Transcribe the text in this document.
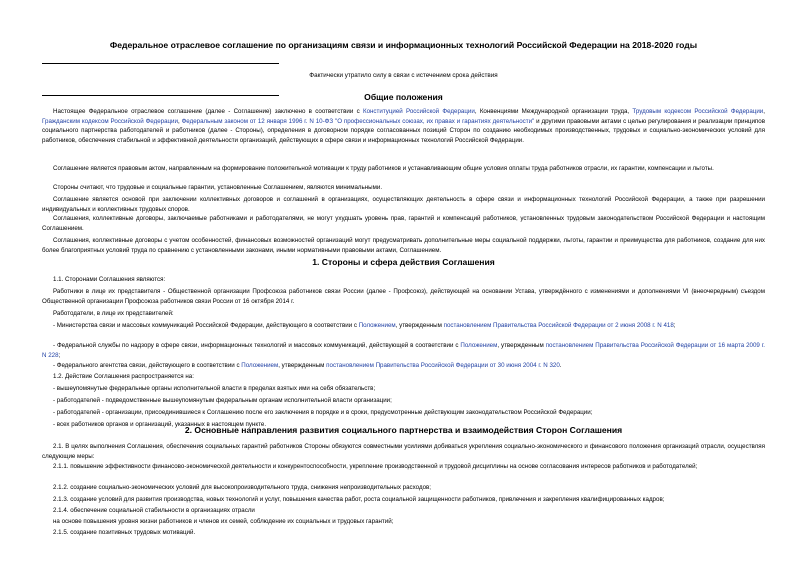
Федеральное отраслевое соглашение по организациям связи и информационных технологий Российской Федерации на 2018-2020 годы
Фактически утратило силу в связи с истечением срока действия
Общие положения
Настоящее Федеральное отраслевое соглашение (далее - Соглашение) заключено в соответствии с Конституцией Российской Федерации, Конвенциями Международной организации труда, Трудовым кодексом Российской Федерации, Гражданским кодексом Российской Федерации, Федеральным законом от 12 января 1996 г. N 10-ФЗ "О профессиональных союзах, их правах и гарантиях деятельности" и другими правовыми актами с целью регулирования и реализации принципов социального партнерства работодателей и работников (далее - Стороны), определения в договорном порядке согласованных позиций Сторон по созданию необходимых производственных, трудовых и социально-экономических условий для работников, обеспечения стабильной и эффективной деятельности организаций, действующих в сфере связи и информационных технологий Российской Федерации.
Соглашение является правовым актом, направленным на формирование положительной мотивации к труду работников и устанавливающим общие условия оплаты труда работников отрасли, их гарантии, компенсации и льготы.
Стороны считают, что трудовые и социальные гарантии, установленные Соглашением, являются минимальными.
Соглашение является основой при заключении коллективных договоров и соглашений в организациях, осуществляющих деятельность в сфере связи и информационных технологий Российской Федерации, а также при разрешении индивидуальных и коллективных трудовых споров.
Соглашения, коллективные договоры, заключаемые работниками и работодателями, не могут ухудшать уровень прав, гарантий и компенсаций работников, установленных трудовым законодательством Российской Федерации и настоящим Соглашением.
Соглашения, коллективные договоры с учетом особенностей, финансовых возможностей организаций могут предусматривать дополнительные меры социальной поддержки, льготы, гарантии и преимущества для работников, создание для них более благоприятных условий труда по сравнению с установленными законами, иными нормативными правовыми актами, Соглашением.
1. Стороны и сфера действия Соглашения
1.1. Сторонами Соглашения являются:
Работники в лице их представителя - Общественной организации Профсоюза работников связи России (далее - Профсоюз), действующей на основании Устава, утверждённого с изменениями и дополнениями VI (внеочередным) съездом Общественной организации Профсоюза работников связи России от 16 октября 2014 г.
Работодатели, в лице их представителей:
- Министерства связи и массовых коммуникаций Российской Федерации, действующего в соответствии с Положением, утвержденным постановлением Правительства Российской Федерации от 2 июня 2008 г. N 418;
- Федеральной службы по надзору в сфере связи, информационных технологий и массовых коммуникаций, действующей в соответствии с Положением, утвержденным постановлением Правительства Российской Федерации от 16 марта 2009 г. N 228;
- Федерального агентства связи, действующего в соответствии с Положением, утвержденным постановлением Правительства Российской Федерации от 30 июня 2004 г. N 320.
1.2. Действие Соглашения распространяется на:
- вышеупомянутые федеральные органы исполнительной власти в пределах взятых ими на себя обязательств;
- работодателей - подведомственные вышеупомянутым федеральным органам исполнительной власти организации;
- работодателей - организации, присоединившиеся к Соглашению после его заключения в порядке и в сроки, предусмотренные действующим законодательством Российской Федерации;
- всех работников органов и организаций, указанных в настоящем пункте.
2. Основные направления развития социального партнерства и взаимодействия Сторон Соглашения
2.1. В целях выполнения Соглашения, обеспечения социальных гарантий работников Стороны обязуются совместными усилиями добиваться укрепления социально-экономического и финансового положения организаций отрасли, осуществляя следующие меры:
2.1.1. повышение эффективности финансово-экономической деятельности и конкурентоспособности, укрепление производственной и трудовой дисциплины на основе согласования интересов работников и работодателей;
2.1.2. создание социально-экономических условий для высокопроизводительного труда, снижения непроизводительных расходов;
2.1.3. создание условий для развития производства, новых технологий и услуг, повышения качества работ, роста социальной защищенности работников, привлечения и закрепления квалифицированных кадров;
2.1.4. обеспечение социальной стабильности в организациях отрасли
на основе повышения уровня жизни работников и членов их семей, соблюдение их социальных и трудовых гарантий;
2.1.5. создание позитивных трудовых мотиваций.
